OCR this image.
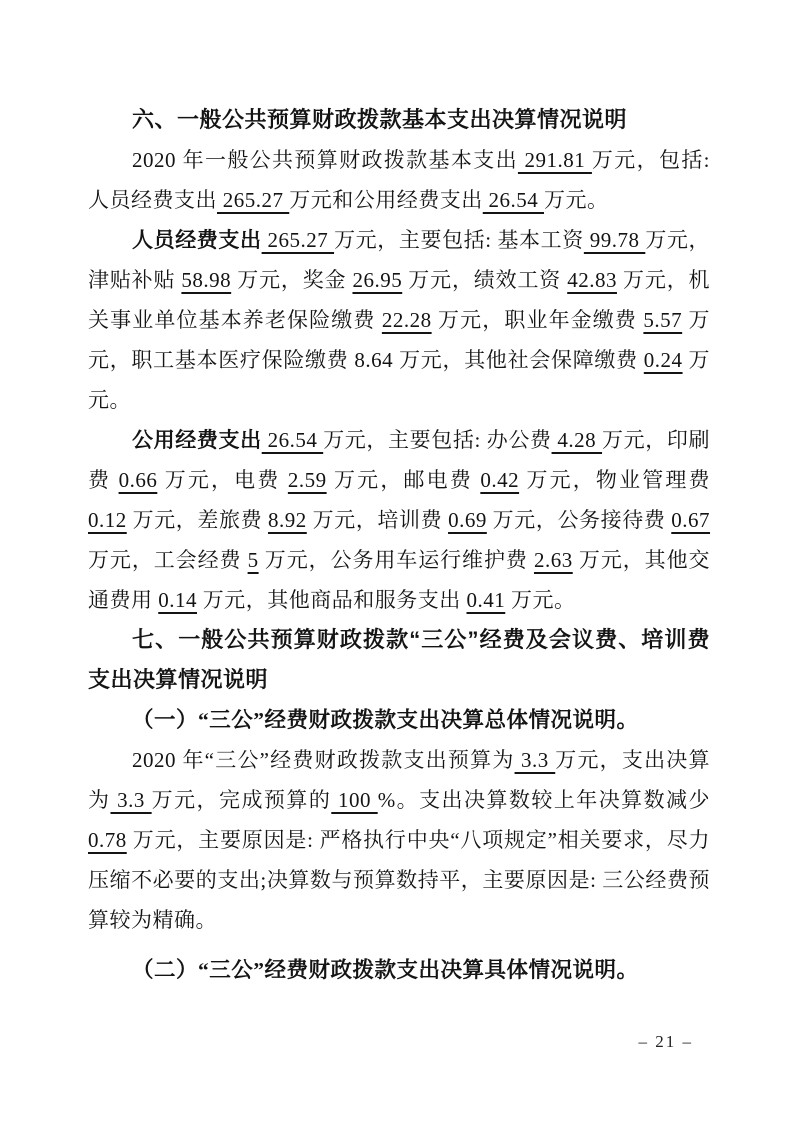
六、一般公共预算财政拨款基本支出决算情况说明

2020 年一般公共预算财政拨款基本支出 291.81 万元，包括: 人员经费支出 265.27 万元和公用经费支出 26.54 万元。

人员经费支出 265.27 万元，主要包括: 基本工资 99.78 万元，津贴补贴 58.98 万元，奖金 26.95 万元，绩效工资 42.83 万元，机关事业单位基本养老保险缴费 22.28 万元，职业年金缴费 5.57 万元，职工基本医疗保险缴费 8.64 万元，其他社会保障缴费 0.24 万元。

公用经费支出 26.54 万元，主要包括: 办公费 4.28 万元，印刷费 0.66 万元，电费 2.59 万元，邮电费 0.42 万元，物业管理费 0.12 万元，差旅费 8.92 万元，培训费 0.69 万元，公务接待费 0.67 万元，工会经费 5 万元，公务用车运行维护费 2.63 万元，其他交通费用 0.14 万元，其他商品和服务支出 0.41 万元。

七、一般公共预算财政拨款“三公”经费及会议费、培训费支出决算情况说明

（一）“三公”经费财政拨款支出决算总体情况说明。

2020 年“三公”经费财政拨款支出预算为 3.3 万元，支出决算为 3.3 万元，完成预算的 100 %。支出决算数较上年决算数减少 0.78 万元，主要原因是: 严格执行中央“八项规定”相关要求，尽力压缩不必要的支出;决算数与预算数持平，主要原因是: 三公经费预算较为精确。

（二）“三公”经费财政拨款支出决算具体情况说明。

– 21 –
